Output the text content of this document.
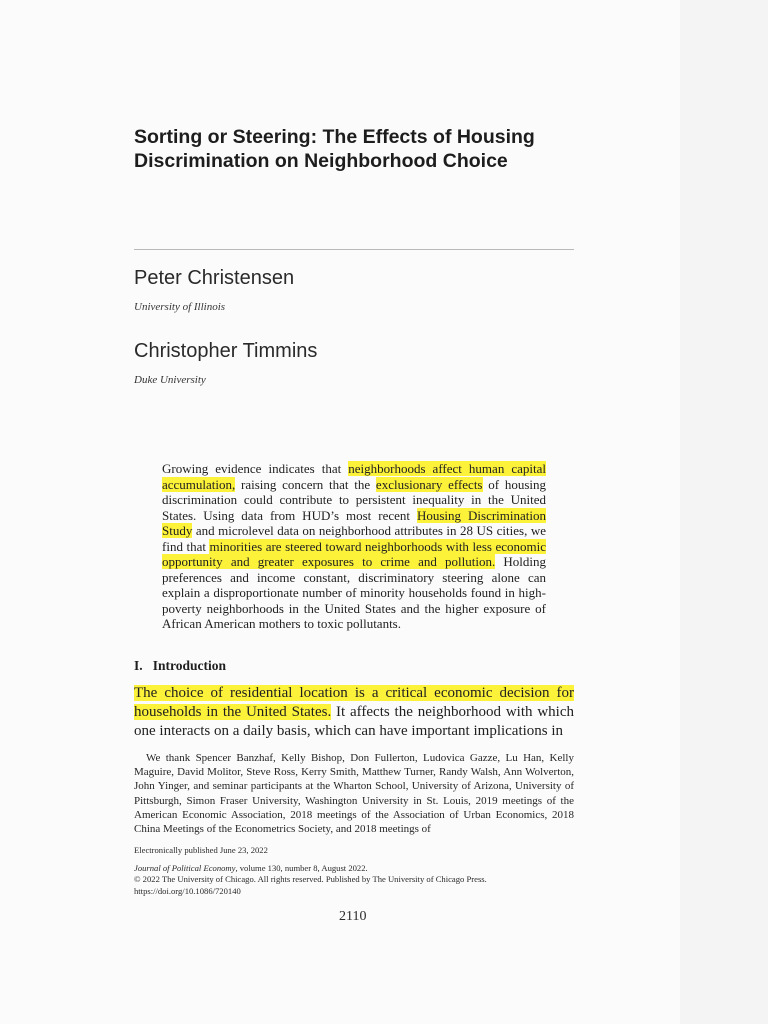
Sorting or Steering: The Effects of Housing
Discrimination on Neighborhood Choice
Peter Christensen
University of Illinois
Christopher Timmins
Duke University

Growing evidence indicates that neighborhoods affect human capital accumulation, raising concern that the exclusionary effects of housing discrimination could contribute to persistent inequality in the United States. Using data from HUD’s most recent Housing Discrimination Study and microlevel data on neighborhood attributes in 28 US cities, we find that minorities are steered toward neighborhoods with less economic opportunity and greater exposures to crime and pollution. Holding preferences and income constant, discriminatory steering alone can explain a disproportionate number of minority households found in high-poverty neighborhoods in the United States and the higher exposure of African American mothers to toxic pollutants.

I.   Introduction

The choice of residential location is a critical economic decision for households in the United States. It affects the neighborhood with which one interacts on a daily basis, which can have important implications in

We thank Spencer Banzhaf, Kelly Bishop, Don Fullerton, Ludovica Gazze, Lu Han, Kelly Maguire, David Molitor, Steve Ross, Kerry Smith, Matthew Turner, Randy Walsh, Ann Wolverton, John Yinger, and seminar participants at the Wharton School, University of Arizona, University of Pittsburgh, Simon Fraser University, Washington University in St. Louis, 2019 meetings of the American Economic Association, 2018 meetings of the Association of Urban Economics, 2018 China Meetings of the Econometrics Society, and 2018 meetings of

Electronically published June 23, 2022
Journal of Political Economy, volume 130, number 8, August 2022.
© 2022 The University of Chicago. All rights reserved. Published by The University of Chicago Press.
https://doi.org/10.1086/720140
2110
